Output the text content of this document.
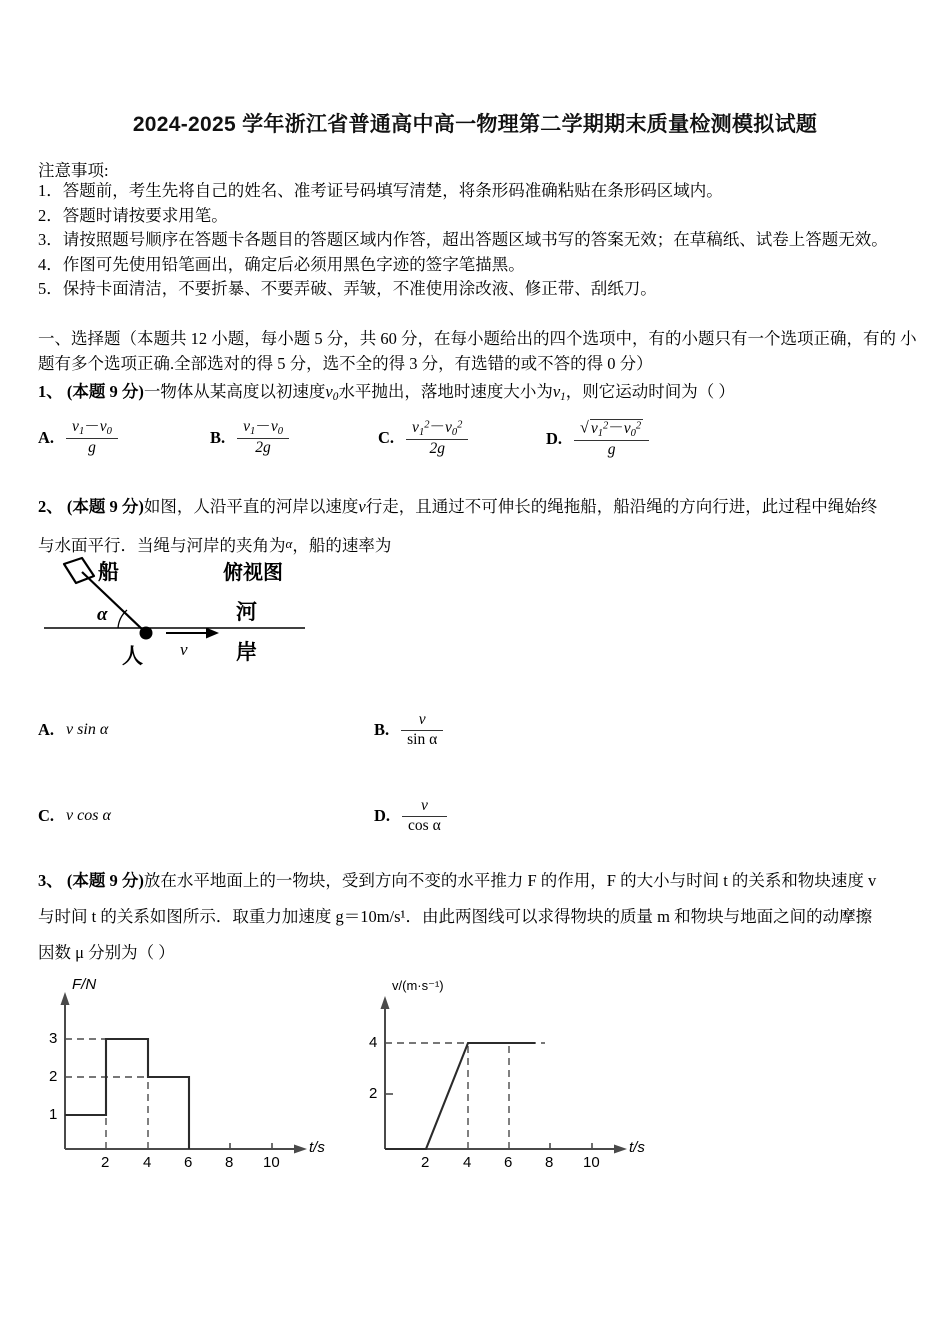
2024-2025 学年浙江省普通高中高一物理第二学期期末质量检测模拟试题
注意事项:
1．答题前，考生先将自己的姓名、准考证号码填写清楚，将条形码准确粘贴在条形码区域内。
2．答题时请按要求用笔。
3．请按照题号顺序在答题卡各题目的答题区域内作答，超出答题区域书写的答案无效；在草稿纸、试卷上答题无效。
4．作图可先使用铅笔画出，确定后必须用黑色字迹的签字笔描黑。
5．保持卡面清洁，不要折暴、不要弄破、弄皱，不准使用涂改液、修正带、刮纸刀。
一、选择题（本题共 12 小题，每小题 5 分，共 60 分，在每小题给出的四个选项中，有的小题只有一个选项正确，有的 小题有多个选项正确.全部选对的得 5 分，选不全的得 3 分，有选错的或不答的得 0 分）
1、 (本题 9 分)一物体从某高度以初速度$v_0$水平抛出，落地时速度大小为$v_1$，则它运动时间为（ ）
A. $\frac{v_1-v_0}{g}$	B. $\frac{v_1-v_0}{2g}$	C. $\frac{v_1^2-v_0^2}{2g}$	D. $\frac{√ v_1^2-v_0^2}{g}$
2、 (本题 9 分)如图，人沿平直的河岸以速度v行走，且通过不可伸长的绳拖船，船沿绳的方向行进，此过程中绳始终
与水面平行．当绳与河岸的夹角为α，船的速率为
船	俯视图
河
岸
人
α
v
A. v sin α	B. $\frac{v}{\text{sin α}}$
C. v cos α	D. $\frac{v}{\text{cos α}}$
3、 (本题 9 分)放在水平地面上的一物块，受到方向不变的水平推力 F 的作用，F 的大小与时间 t 的关系和物块速度 v
与时间 t 的关系如图所示．取重力加速度 g＝10m/s¹．由此两图线可以求得物块的质量 m 和物块与地面之间的动摩擦
因数 μ 分别为（ ）
F/N
t/s
3
2
1
2 4 6 8 10
v/(m·s⁻¹)
t/s
4
2
2 4 6 8 10
